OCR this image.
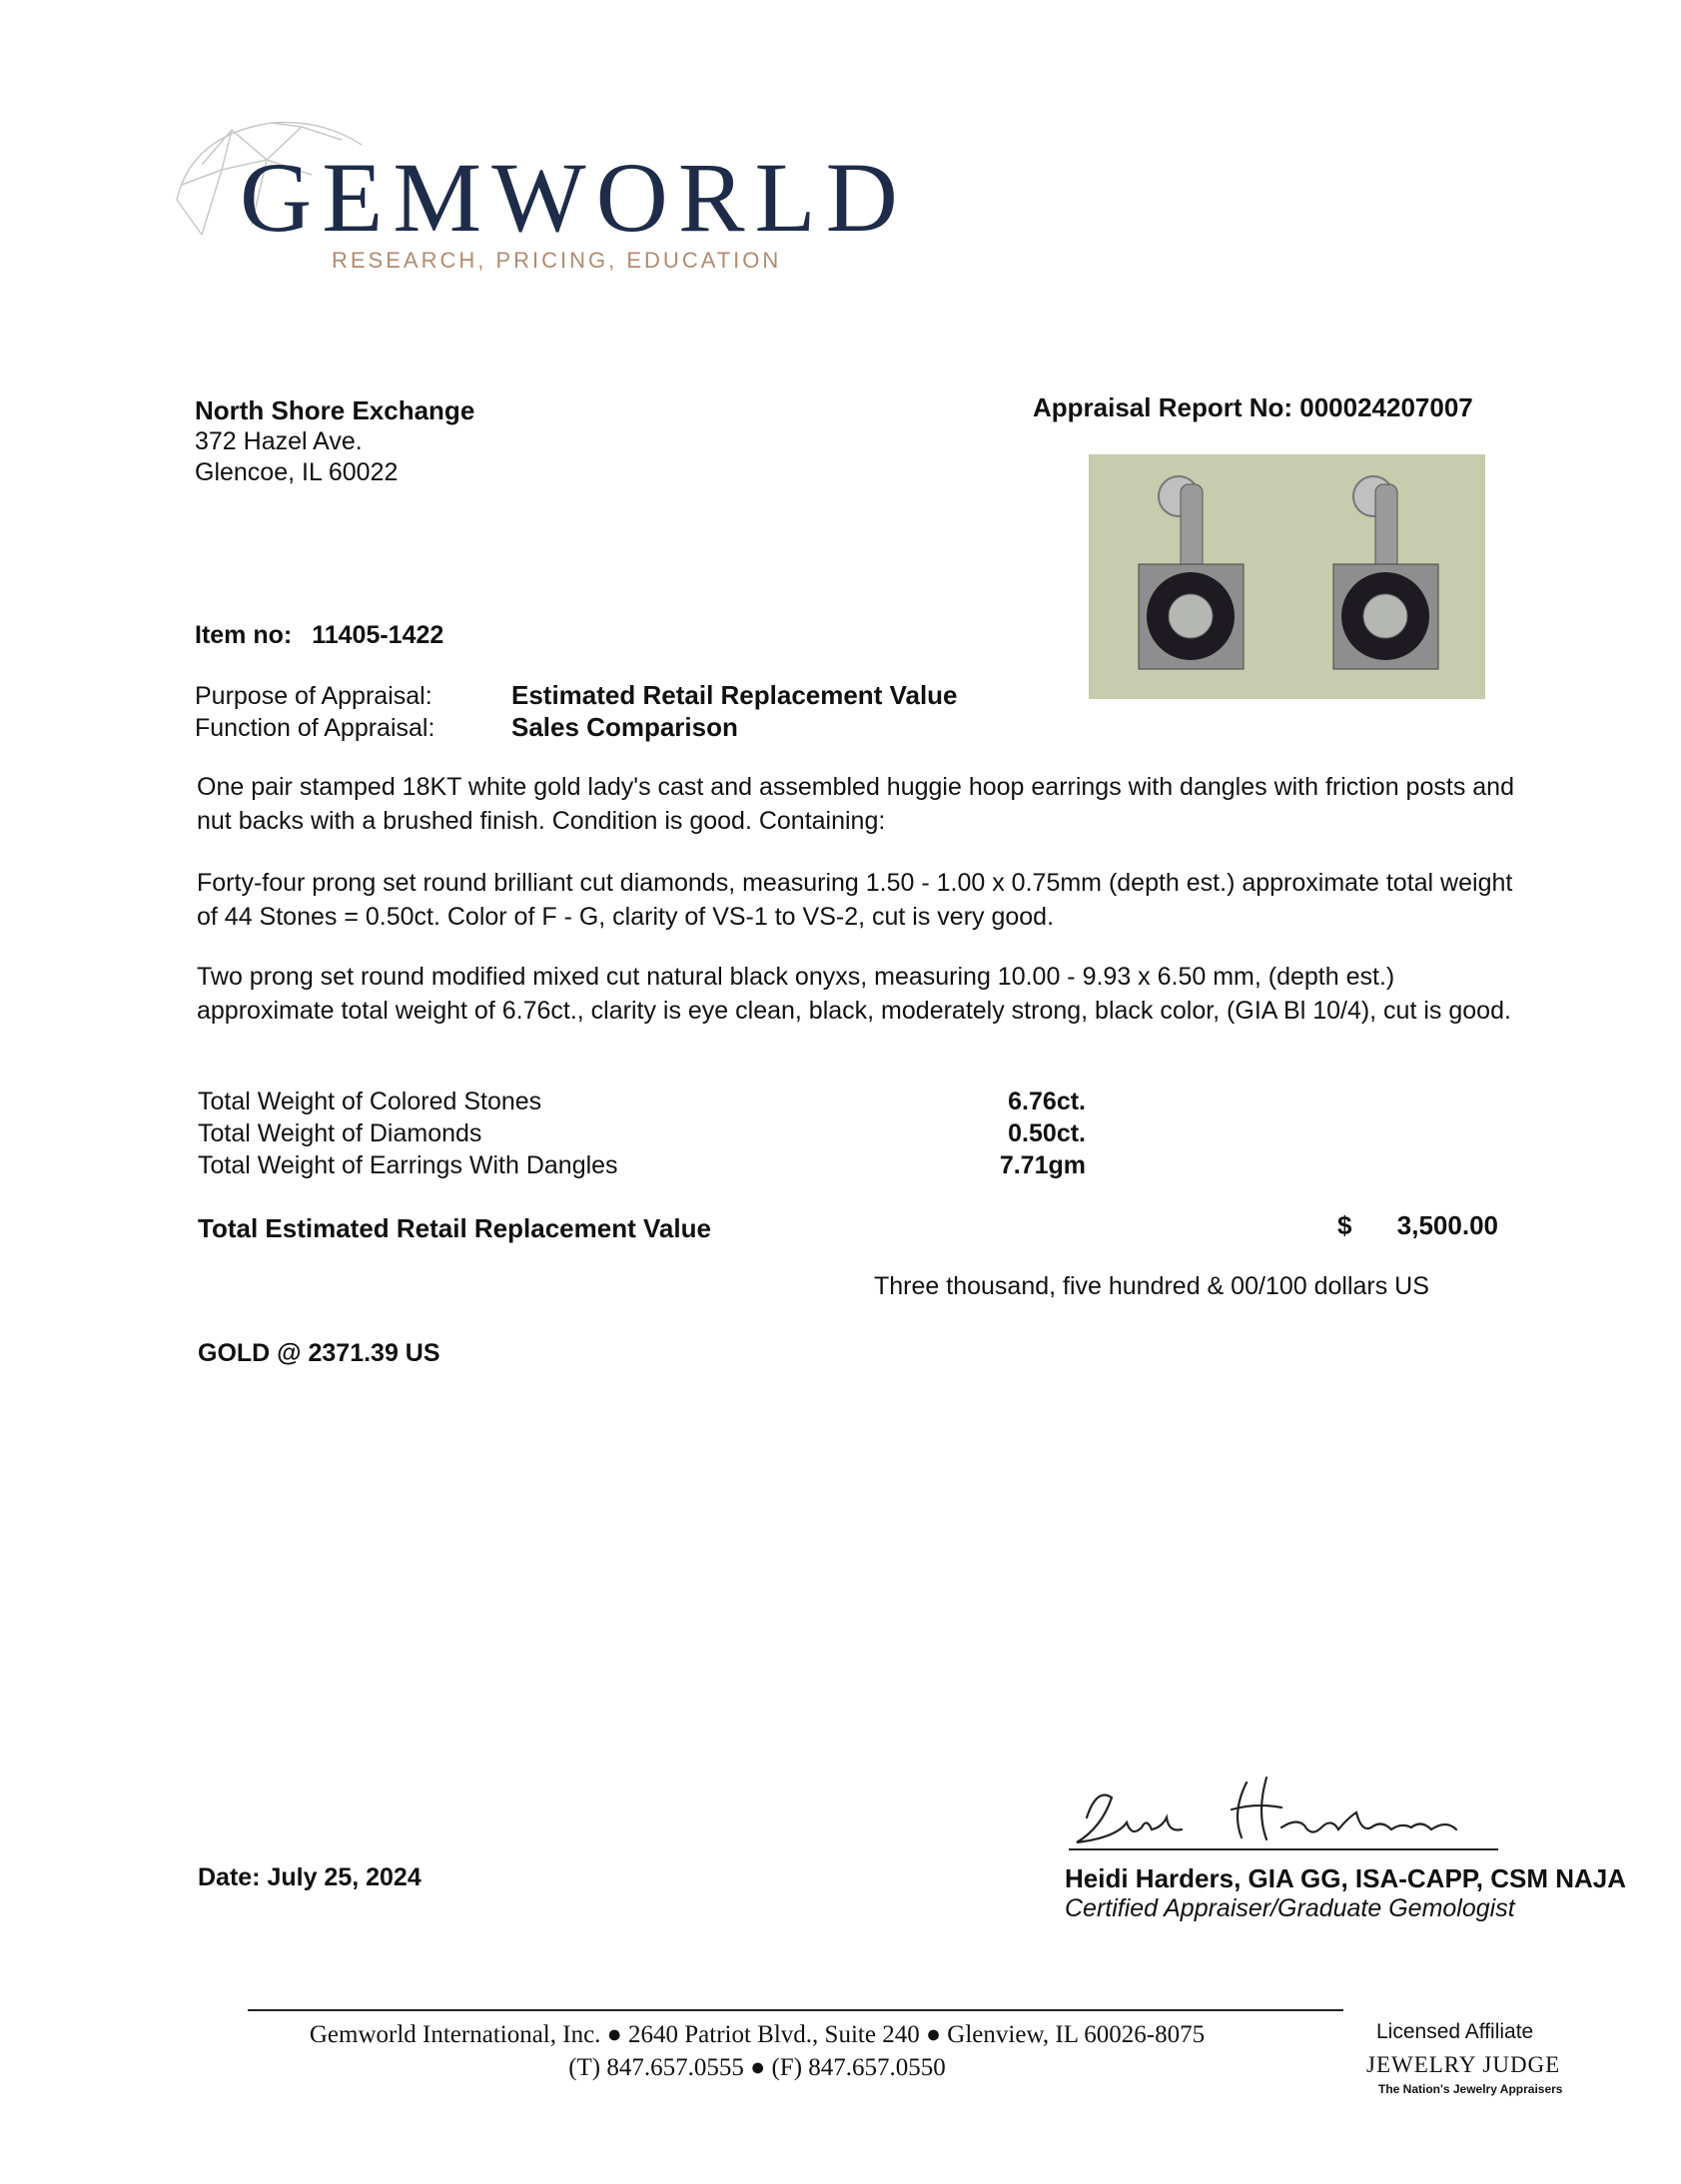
GEMWORLD
RESEARCH, PRICING, EDUCATION
North Shore Exchange
372 Hazel Ave.
Glencoe, IL 60022
Appraisal Report No: 000024207007
Item no: 11405-1422
Purpose of Appraisal:	Estimated Retail Replacement Value
Function of Appraisal:	Sales Comparison
One pair stamped 18KT white gold lady's cast and assembled huggie hoop earrings with dangles with friction posts and nut backs with a brushed finish. Condition is good. Containing:
Forty-four prong set round brilliant cut diamonds, measuring 1.50 - 1.00 x 0.75mm (depth est.) approximate total weight of 44 Stones = 0.50ct. Color of F - G, clarity of VS-1 to VS-2, cut is very good.
Two prong set round modified mixed cut natural black onyxs, measuring 10.00 - 9.93 x 6.50 mm, (depth est.) approximate total weight of 6.76ct., clarity is eye clean, black, moderately strong, black color, (GIA Bl 10/4), cut is good.
Total Weight of Colored Stones	6.76ct.
Total Weight of Diamonds	0.50ct.
Total Weight of Earrings With Dangles	7.71gm
Total Estimated Retail Replacement Value	$	3,500.00
Three thousand, five hundred & 00/100 dollars US
GOLD @ 2371.39 US
Date: July 25, 2024	Heidi Harders, GIA GG, ISA-CAPP, CSM NAJA
Certified Appraiser/Graduate Gemologist
Gemworld International, Inc. ● 2640 Patriot Blvd., Suite 240 ● Glenview, IL 60026-8075
(T) 847.657.0555 ● (F) 847.657.0550
Licensed Affiliate
JEWELRY JUDGE
The Nation's Jewelry Appraisers
